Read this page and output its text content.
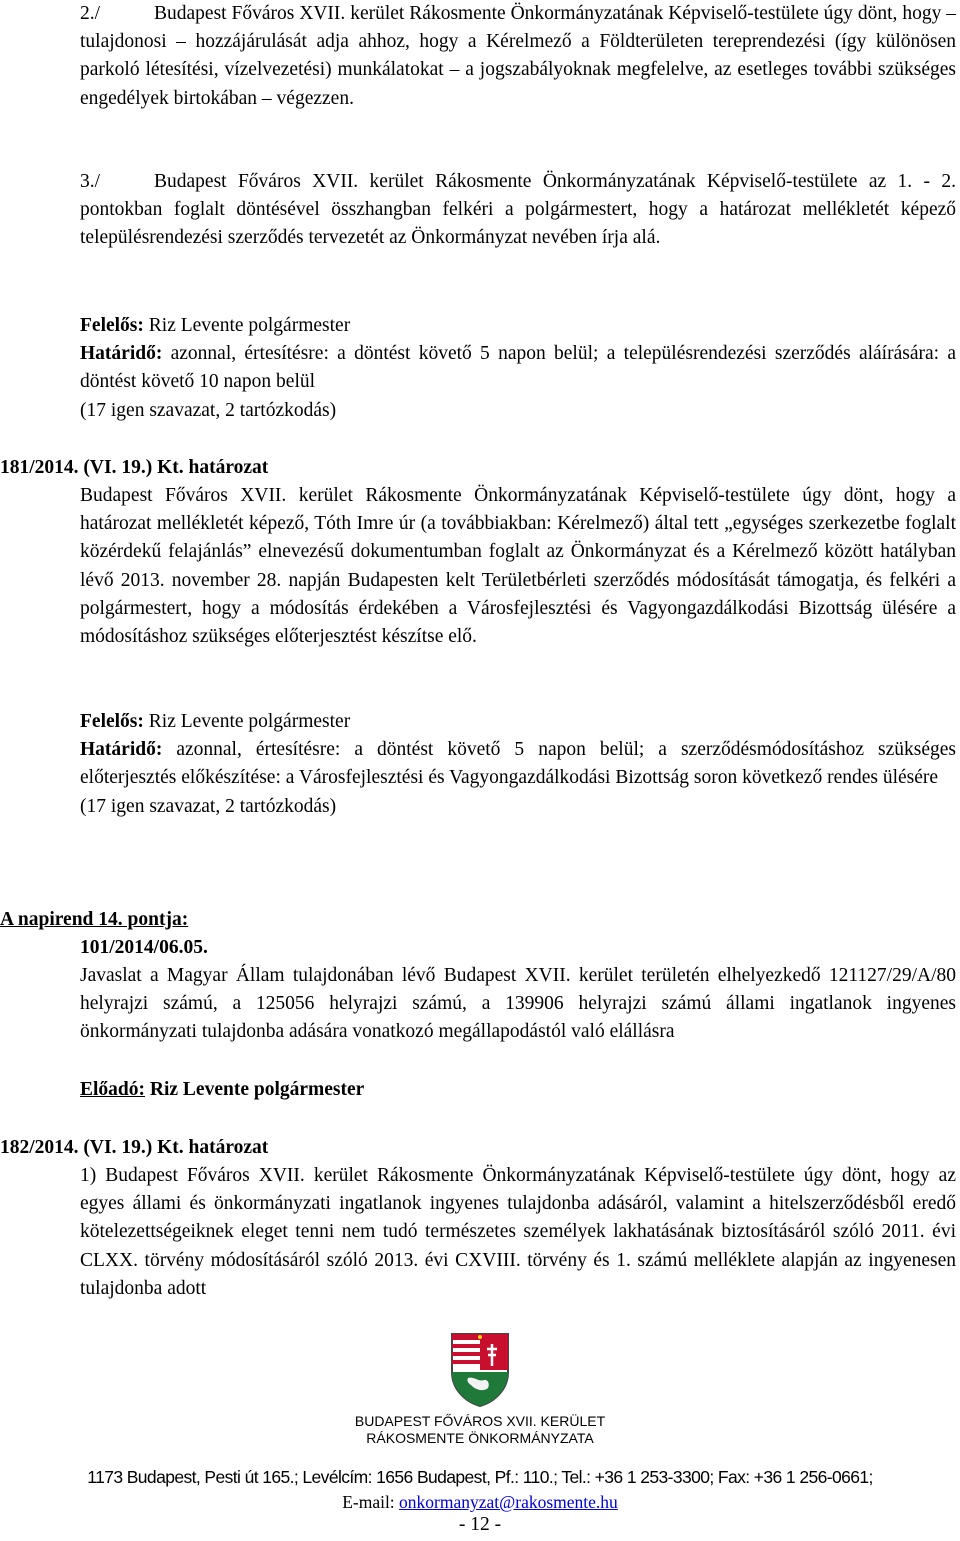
2./	Budapest Főváros XVII. kerület Rákosmente Önkormányzatának Képviselő-testülete úgy dönt, hogy – tulajdonosi – hozzájárulását adja ahhoz, hogy a Kérelmező a Földterületen tereprendezési (így különösen parkoló létesítési, vízelvezetési) munkálatokat – a jogszabályoknak megfelelve, az esetleges további szükséges engedélyek birtokában – végezzen.

3./	Budapest Főváros XVII. kerület Rákosmente Önkormányzatának Képviselő-testülete az 1. - 2. pontokban foglalt döntésével összhangban felkéri a polgármestert, hogy a határozat mellékletét képező településrendezési szerződés tervezetét az Önkormányzat nevében írja alá.

Felelős: Riz Levente polgármester
Határidő: azonnal, értesítésre: a döntést követő 5 napon belül; a településrendezési szerződés aláírására: a döntést követő 10 napon belül
(17 igen szavazat, 2 tartózkodás)
181/2014. (VI. 19.) Kt. határozat

Budapest Főváros XVII. kerület Rákosmente Önkormányzatának Képviselő-testülete úgy dönt, hogy a határozat mellékletét képező, Tóth Imre úr (a továbbiakban: Kérelmező) által tett „egységes szerkezetbe foglalt közérdekű felajánlás” elnevezésű dokumentumban foglalt az Önkormányzat és a Kérelmező között hatályban lévő 2013. november 28. napján Budapesten kelt Területbérleti szerződés módosítását támogatja, és felkéri a polgármestert, hogy a módosítás érdekében a Városfejlesztési és Vagyongazdálkodási Bizottság ülésére a módosításhoz szükséges előterjesztést készítse elő.

Felelős: Riz Levente polgármester
Határidő: azonnal, értesítésre: a döntést követő 5 napon belül; a szerződésmódosításhoz szükséges előterjesztés előkészítése: a Városfejlesztési és Vagyongazdálkodási Bizottság soron következő rendes ülésére
(17 igen szavazat, 2 tartózkodás)
A napirend 14. pontja:
101/2014/06.05.

Javaslat a Magyar Állam tulajdonában lévő Budapest XVII. kerület területén elhelyezkedő 121127/29/A/80 helyrajzi számú, a 125056 helyrajzi számú, a 139906 helyrajzi számú állami ingatlanok ingyenes önkormányzati tulajdonba adására vonatkozó megállapodástól való elállásra

Előadó: Riz Levente polgármester
182/2014. (VI. 19.) Kt. határozat

1) Budapest Főváros XVII. kerület Rákosmente Önkormányzatának Képviselő-testülete úgy dönt, hogy az egyes állami és önkormányzati ingatlanok ingyenes tulajdonba adásáról, valamint a hitelszerződésből eredő kötelezettségeiknek eleget tenni nem tudó természetes személyek lakhatásának biztosításáról szóló 2011. évi CLXX. törvény módosításáról szóló 2013. évi CXVIII. törvény és 1. számú melléklete alapján az ingyenesen tulajdonba adott

BUDAPEST FŐVÁROS XVII. KERÜLET
RÁKOSMENTE ÖNKORMÁNYZATA
1173 Budapest, Pesti út 165.; Levélcím: 1656 Budapest, Pf.: 110.; Tel.: +36 1 253-3300; Fax: +36 1 256-0661;
E-mail: onkormanyzat@rakosmente.hu
- 12 -
